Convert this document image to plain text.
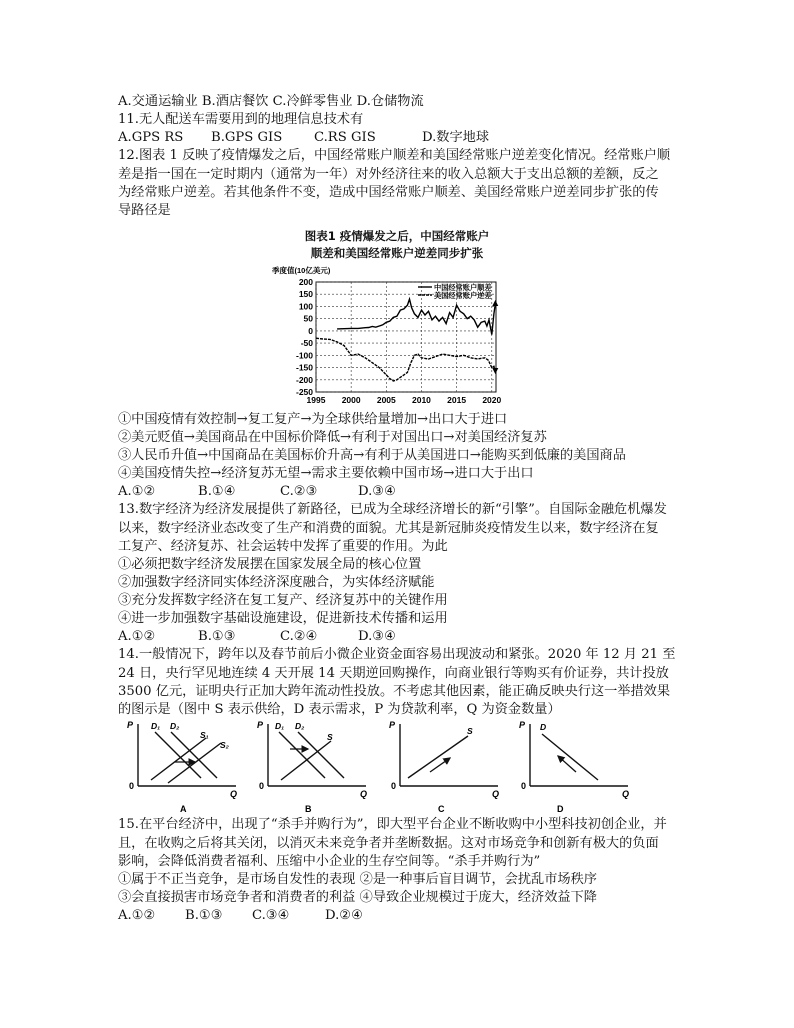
A.交通运输业 B.酒店餐饮 C.冷鲜零售业 D.仓储物流
11.无人配送车需要用到的地理信息技术有
A.GPS RS B.GPS GIS C.RS GIS	D.数字地球
12.图表 1 反映了疫情爆发之后，中国经常账户顺差和美国经常账户逆差变化情况。经常账户顺
差是指一国在一定时期内（通常为一年）对外经济往来的收入总额大于支出总额的差额，反之
为经常账户逆差。若其他条件不变，造成中国经常账户顺差、美国经常账户逆差同步扩张的传
导路径是
图表1 疫情爆发之后，中国经常账户
顺差和美国经常账户逆差同步扩张
季度值(10亿美元)
200
150
100
50
0
-50
-100
-150
-200
-250
1995 2000 2005 2010 2015 2020
中国经常账户顺差
美国经常账户逆差
①中国疫情有效控制→复工复产→为全球供给量增加→出口大于进口
②美元贬值→美国商品在中国标价降低→有利于对国出口→对美国经济复苏
③人民币升值→中国商品在美国标价升高→有利于从美国进口→能购买到低廉的美国商品
④美国疫情失控→经济复苏无望→需求主要依赖中国市场→进口大于出口
A.①②	B.①④	C.②③	D.③④
13.数字经济为经济发展提供了新路径，已成为全球经济增长的新“引擎”。自国际金融危机爆发
以来，数字经济业态改变了生产和消费的面貌。尤其是新冠肺炎疫情发生以来，数字经济在复
工复产、经济复苏、社会运转中发挥了重要的作用。为此
①必须把数字经济发展摆在国家发展全局的核心位置
②加强数字经济同实体经济深度融合，为实体经济赋能
③充分发挥数字经济在复工复产、经济复苏中的关键作用
④进一步加强数字基础设施建设，促进新技术传播和运用
A.①②	B.①③	C.②④	D.③④
14.一般情况下，跨年以及春节前后小微企业资金面容易出现波动和紧张。2020 年 12 月 21 至
24 日，央行罕见地连续 4 天开展 14 天期逆回购操作，向商业银行等购买有价证券，共计投放
3500 亿元，证明央行正加大跨年流动性投放。不考虑其他因素，能正确反映央行这一举措效果
的图示是（图中 S 表示供给，D 表示需求，P 为贷款利率，Q 为资金数量）
P
Q
0
D₁ D₂
S₁
S₂
A
P
Q
0
D₁ D₂
S
B
P
Q
0
S
C
P
Q
0
D
D
15.在平台经济中，出现了“杀手并购行为”，即大型平台企业不断收购中小型科技初创企业，并
且，在收购之后将其关闭，以消灭未来竞争者并垄断数据。这对市场竞争和创新有极大的负面
影响，会降低消费者福利、压缩中小企业的生存空间等。“杀手并购行为”
①属于不正当竞争，是市场自发性的表现 ②是一种事后盲目调节，会扰乱市场秩序
③会直接损害市场竞争者和消费者的利益 ④导致企业规模过于庞大，经济效益下降
A.①② B.①③ C.③④	D.②④
